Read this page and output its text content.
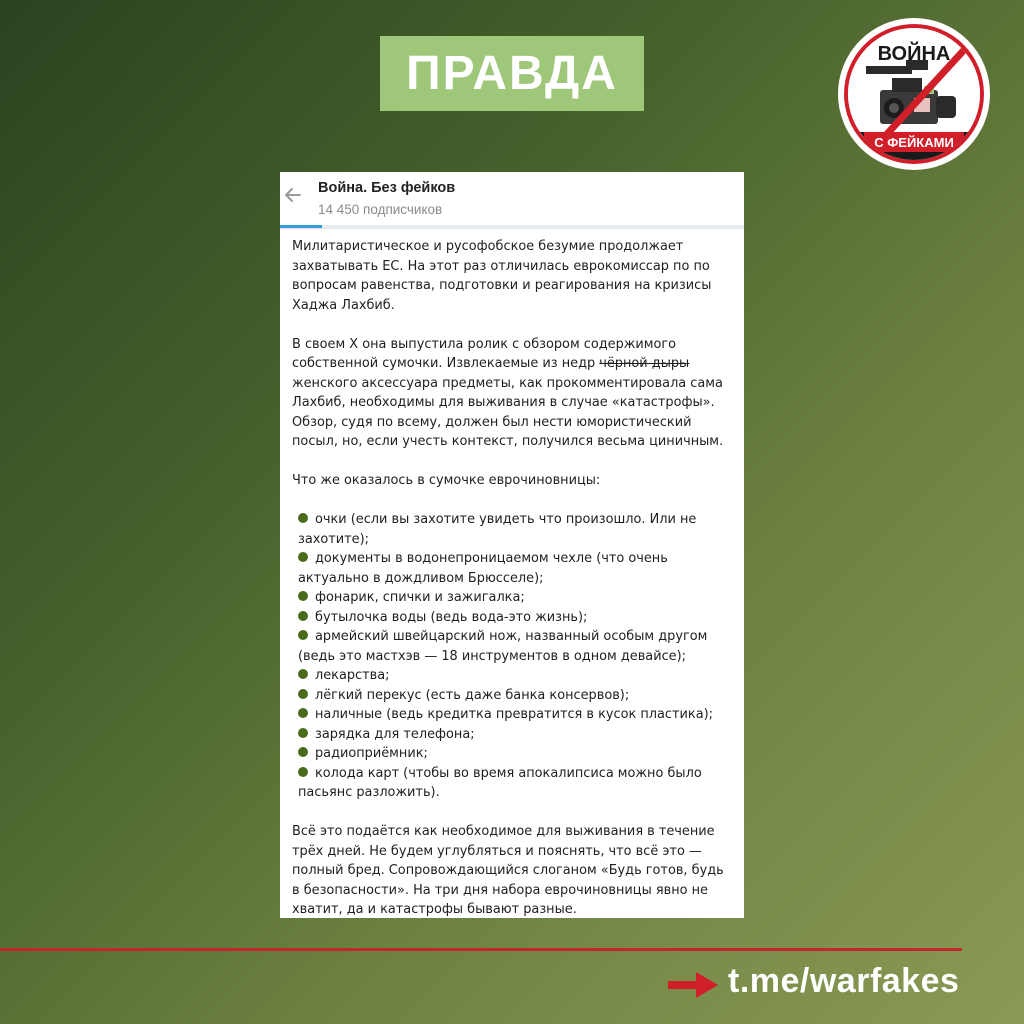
ПРАВДА	ВОЙНА
С ФЕЙКАМИ
Война. Без фейков
14 450 подписчиков

Милитаристическое и русофобское безумие продолжает захватывать ЕС. На этот раз отличилась еврокомиссар по по вопросам равенства, подготовки и реагирования на кризисы Хаджа Лахбиб.

В своем Х она выпустила ролик с обзором содержимого собственной сумочки. Извлекаемые из недр чёрной дыры женского аксессуара предметы, как прокомментировала сама Лахбиб, необходимы для выживания в случае «катастрофы». Обзор, судя по всему, должен был нести юмористический посыл, но, если учесть контекст, получился весьма циничным.

Что же оказалось в сумочке еврочиновницы:

очки (если вы захотите увидеть что произошло. Или не захотите);
документы в водонепроницаемом чехле (что очень актуально в дождливом Брюсселе);
фонарик, спички и зажигалка;
бутылочка воды (ведь вода-это жизнь);
армейский швейцарский нож, названный особым другом (ведь это мастхэв — 18 инструментов в одном девайсе);
лекарства;
лёгкий перекус (есть даже банка консервов);
наличные (ведь кредитка превратится в кусок пластика);
зарядка для телефона;
радиоприёмник;
колода карт (чтобы во время апокалипсиса можно было пасьянс разложить).

Всё это подаётся как необходимое для выживания в течение трёх дней. Не будем углубляться и пояснять, что всё это — полный бред. Сопровождающийся слоганом «Будь готов, будь в безопасности». На три дня набора еврочиновницы явно не хватит, да и катастрофы бывают разные.

t.me/warfakes
